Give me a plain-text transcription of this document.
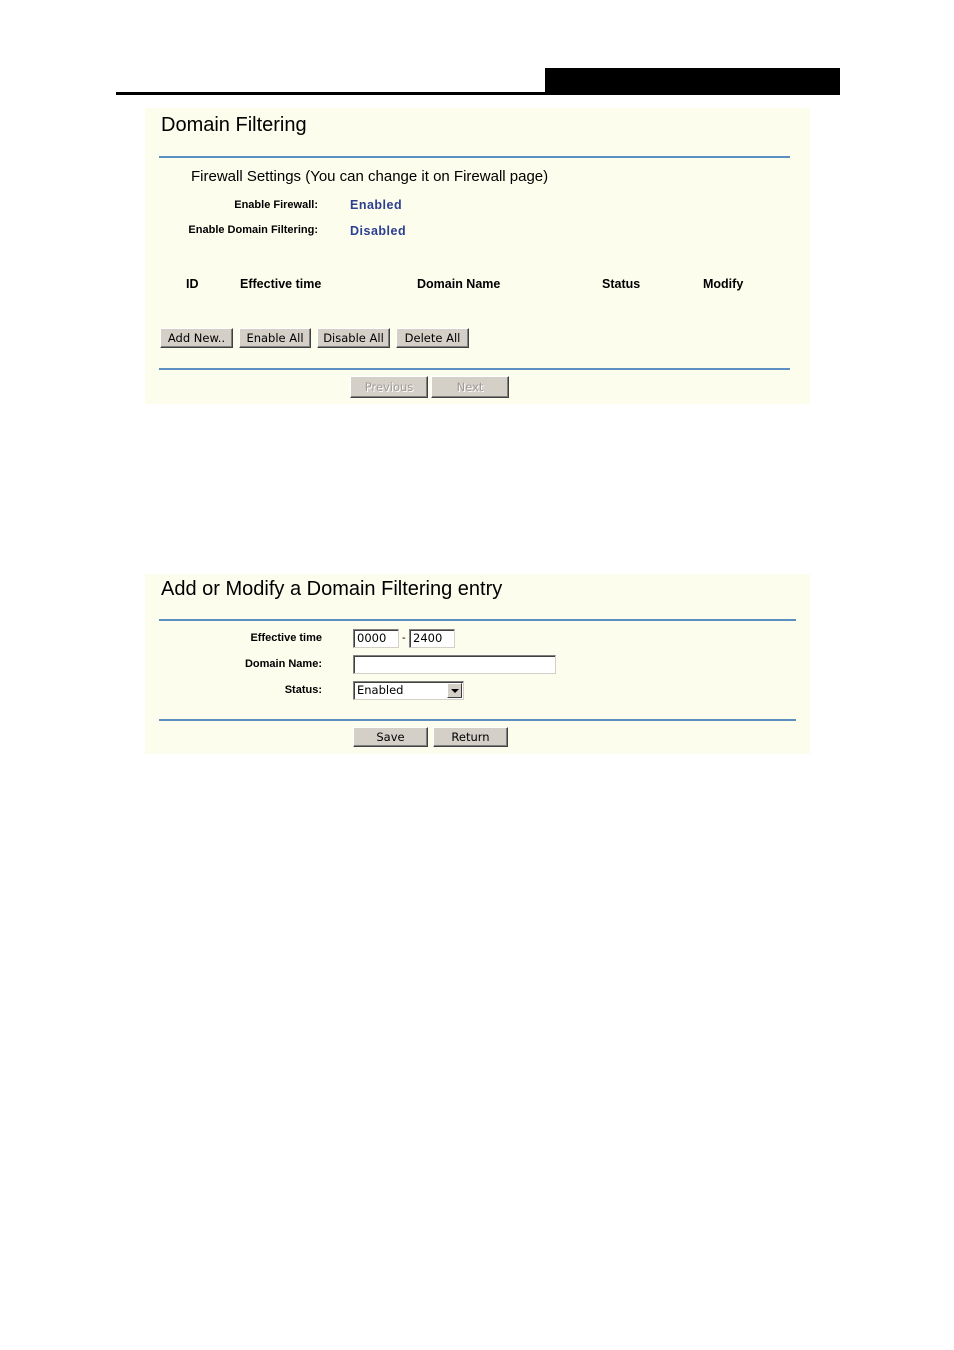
Domain Filtering
Firewall Settings (You can change it on Firewall page)
Enable Firewall:	Enabled
Enable Domain Filtering:	Disabled
ID	Effective time	Domain Name	Status	Modify
Add New..	Enable All	Disable All	Delete All
Previous	Next
Add or Modify a Domain Filtering entry
Effective time	0000	- 2400
Domain Name:
Status:	Enabled
Save	Return
